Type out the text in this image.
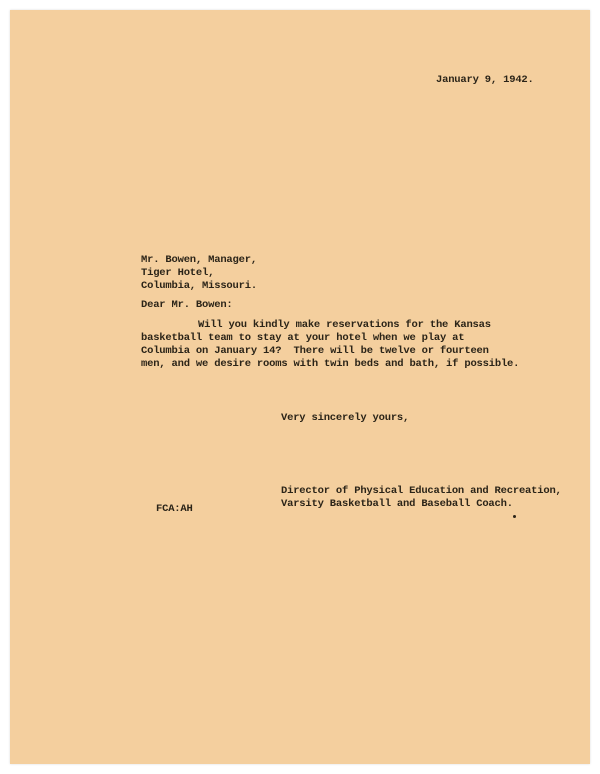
January 9, 1942.
Mr. Bowen, Manager,
Tiger Hotel,
Columbia, Missouri.
Dear Mr. Bowen:
Will you kindly make reservations for the Kansas
basketball team to stay at your hotel when we play at
Columbia on January 14?  There will be twelve or fourteen
men, and we desire rooms with twin beds and bath, if possible.
Very sincerely yours,
Director of Physical Education and Recreation,
Varsity Basketball and Baseball Coach.
FCA:AH
